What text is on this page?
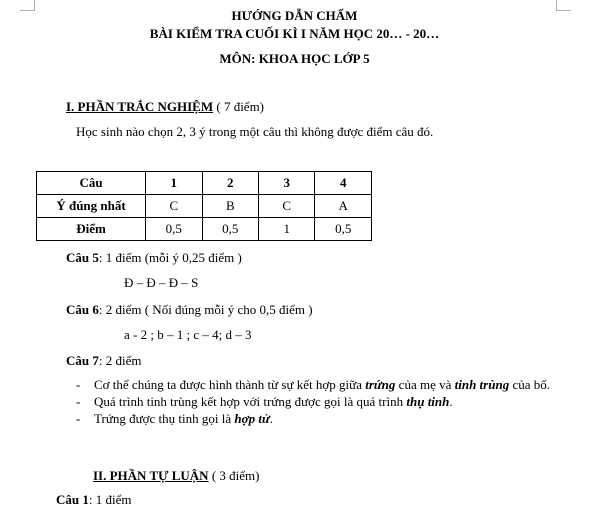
HƯỚNG DẪN CHẤM
BÀI KIỂM TRA CUỐI KÌ I NĂM HỌC 20… - 20…
MÔN: KHOA HỌC LỚP 5
I. PHẦN TRẮC NGHIỆM ( 7 điểm)
Học sinh nào chọn 2, 3 ý trong một câu thì không được điểm câu đó.
Câu	1	2	3	4
Ý đúng nhất	C	B	C	A
Điểm	0,5	0,5	1	0,5
Câu 5: 1 điểm (mỗi ý 0,25 điểm )
Đ – Đ – Đ – S
Câu 6: 2 điểm ( Nối đúng mỗi ý cho 0,5 điểm )
a - 2 ; b – 1 ; c – 4; d – 3
Câu 7: 2 điểm
- Cơ thể chúng ta được hình thành từ sự kết hợp giữa trứng của mẹ và tinh trùng của bố.
- Quá trình tinh trùng kết hợp với trứng được gọi là quá trình thụ tinh.
- Trứng được thụ tinh gọi là hợp tử.
II. PHẦN TỰ LUẬN ( 3 điểm)
Câu 1: 1 điểm
